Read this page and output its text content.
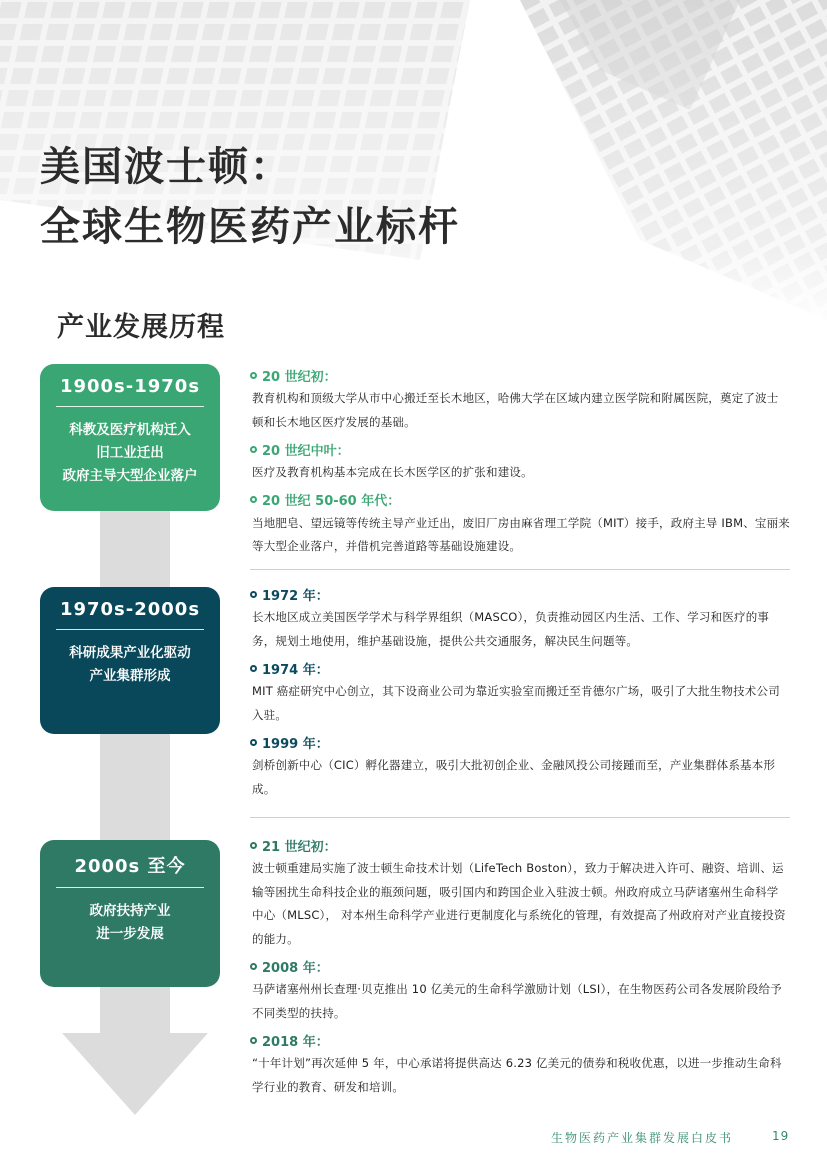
美国波士顿：
全球生物医药产业标杆
产业发展历程
1900s-1970s
科教及医疗机构迁入
旧工业迁出
政府主导大型企业落户
1970s-2000s
科研成果产业化驱动
产业集群形成
2000s 至今
政府扶持产业
进一步发展
20 世纪初：
教育机构和顶级大学从市中心搬迁至长木地区，哈佛大学在区域内建立医学院和附属医院，奠定了波士顿和长木地区医疗发展的基础。
20 世纪中叶：
医疗及教育机构基本完成在长木医学区的扩张和建设。
20 世纪 50-60 年代：
当地肥皂、望远镜等传统主导产业迁出，废旧厂房由麻省理工学院（MIT）接手，政府主导 IBM、宝丽来等大型企业落户，并借机完善道路等基础设施建设。
1972 年：
长木地区成立美国医学学术与科学界组织（MASCO），负责推动园区内生活、工作、学习和医疗的事务，规划土地使用，维护基础设施，提供公共交通服务，解决民生问题等。
1974 年：
MIT 癌症研究中心创立，其下设商业公司为靠近实验室而搬迁至肯德尔广场，吸引了大批生物技术公司入驻。
1999 年：
剑桥创新中心（CIC）孵化器建立，吸引大批初创企业、金融风投公司接踵而至，产业集群体系基本形成。
21 世纪初：
波士顿重建局实施了波士顿生命技术计划（LifeTech Boston），致力于解决进入许可、融资、培训、运输等困扰生命科技企业的瓶颈问题，吸引国内和跨国企业入驻波士顿。州政府成立马萨诸塞州生命科学中心（MLSC）， 对本州生命科学产业进行更制度化与系统化的管理，有效提高了州政府对产业直接投资的能力。
2008 年：
马萨诸塞州州长查理·贝克推出 10 亿美元的生命科学激励计划（LSI），在生物医药公司各发展阶段给予不同类型的扶持。
2018 年：
“十年计划”再次延伸 5 年，中心承诺将提供高达 6.23 亿美元的债券和税收优惠，以进一步推动生命科学行业的教育、研发和培训。
生物医药产业集群发展白皮书	19
